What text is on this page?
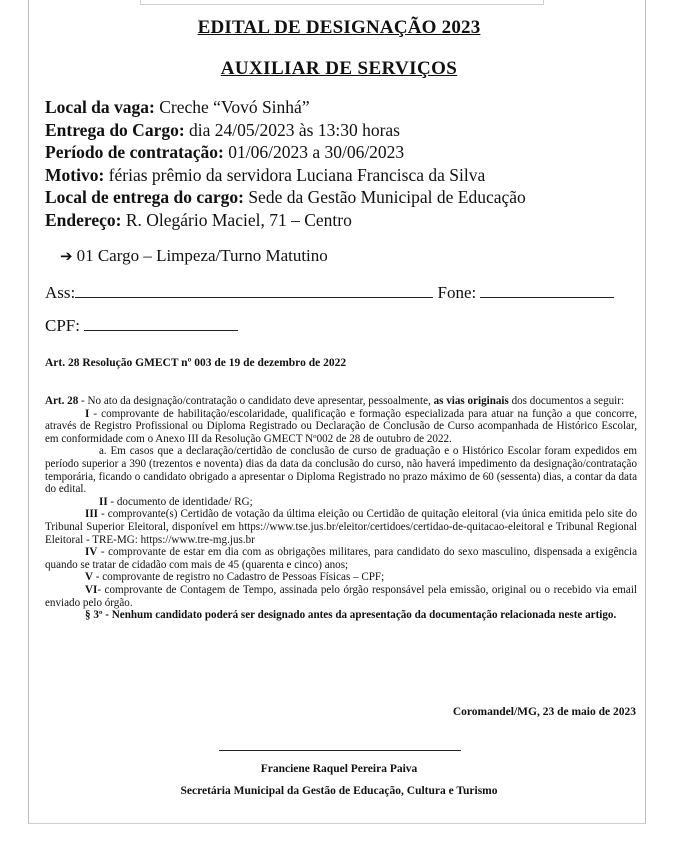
EDITAL DE DESIGNAÇÃO 2023
AUXILIAR DE SERVIÇOS
Local da vaga: Creche “Vovó Sinhá”
Entrega do Cargo: dia 24/05/2023 às 13:30 horas
Período de contratação: 01/06/2023 a 30/06/2023
Motivo: férias prêmio da servidora Luciana Francisca da Silva
Local de entrega do cargo: Sede da Gestão Municipal de Educação
Endereço: R. Olegário Maciel, 71 – Centro
➔ 01 Cargo – Limpeza/Turno Matutino
Ass:	Fone:
CPF:
Art. 28 Resolução GMECT nº 003 de 19 de dezembro de 2022

Art. 28 - No ato da designação/contratação o candidato deve apresentar, pessoalmente, as vias originais dos documentos a seguir:

I - comprovante de habilitação/escolaridade, qualificação e formação especializada para atuar na função a que concorre, através de Registro Profissional ou Diploma Registrado ou Declaração de Conclusão de Curso acompanhada de Histórico Escolar, em conformidade com o Anexo III da Resolução GMECT Nº002 de 28 de outubro de 2022.

a. Em casos que a declaração/certidão de conclusão de curso de graduação e o Histórico Escolar foram expedidos em período superior a 390 (trezentos e noventa) dias da data da conclusão do curso, não haverá impedimento da designação/contratação temporária, ficando o candidato obrigado a apresentar o Diploma Registrado no prazo máximo de 60 (sessenta) dias, a contar da data do edital.

II - documento de identidade/ RG;

III - comprovante(s) Certidão de votação da última eleição ou Certidão de quitação eleitoral (via única emitida pelo site do Tribunal Superior Eleitoral, disponível em https://www.tse.jus.br/eleitor/certidoes/certidao-de-quitacao-eleitoral e Tribunal Regional Eleitoral - TRE-MG: https://www.tre-mg.jus.br

IV - comprovante de estar em dia com as obrigações militares, para candidato do sexo masculino, dispensada a exigência quando se tratar de cidadão com mais de 45 (quarenta e cinco) anos;

V - comprovante de registro no Cadastro de Pessoas Físicas – CPF;

VI- comprovante de Contagem de Tempo, assinada pelo órgão responsável pela emissão, original ou o recebido via email enviado pelo órgão.

§ 3º - Nenhum candidato poderá ser designado antes da apresentação da documentação relacionada neste artigo.

Coromandel/MG, 23 de maio de 2023
Franciene Raquel Pereira Paiva
Secretária Municipal da Gestão de Educação, Cultura e Turismo
